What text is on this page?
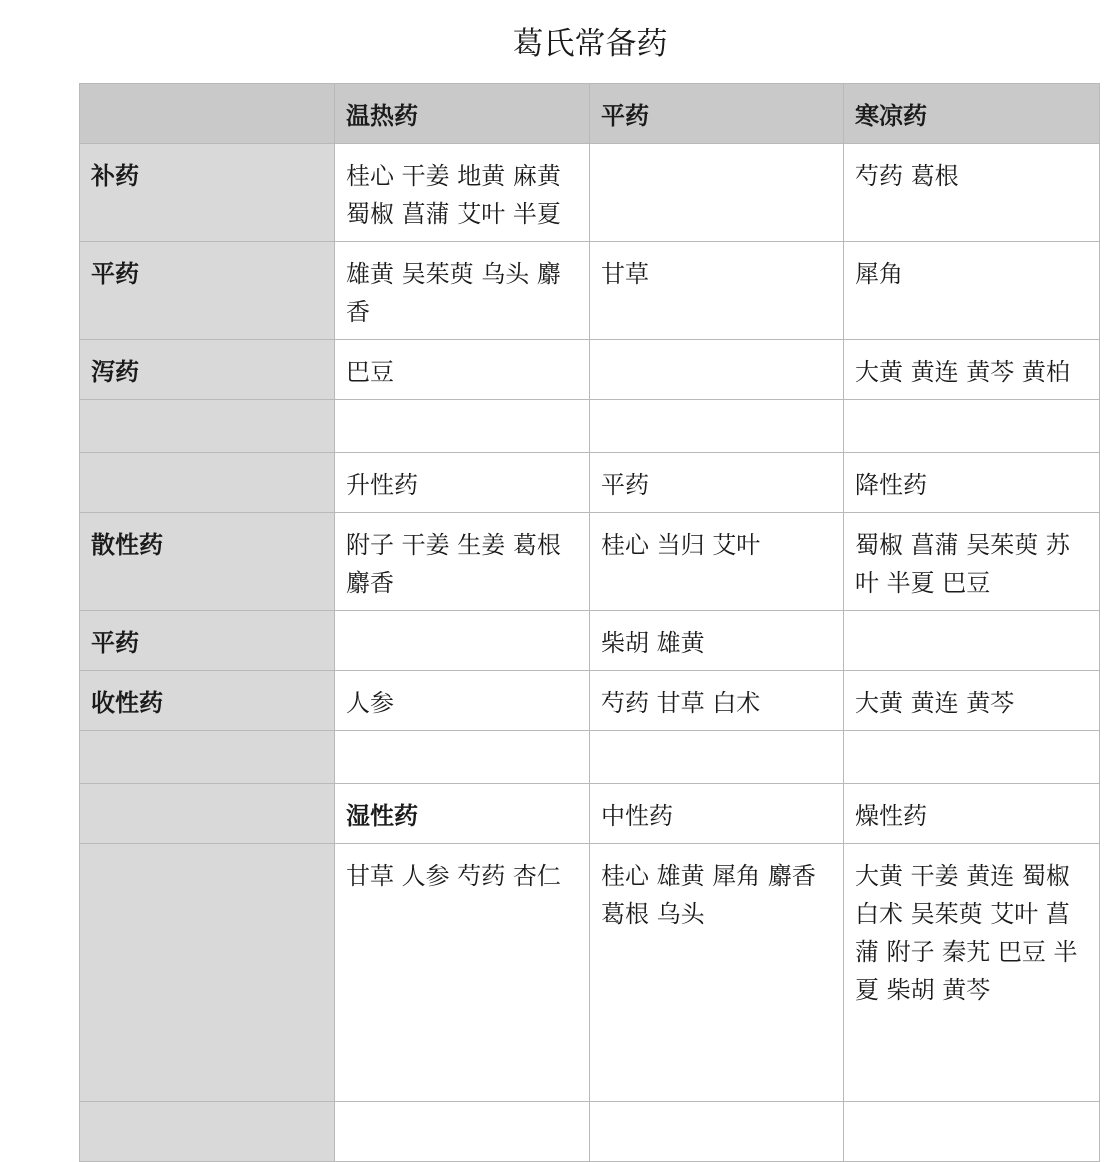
葛氏常备药
	温热药	平药	寒凉药
补药	桂心 干姜 地黄 麻黄 蜀椒 菖蒲 艾叶 半夏		芍药 葛根
平药	雄黄 吴茱萸 乌头 麝香	甘草	犀角
泻药	巴豆		大黄 黄连 黄芩 黄柏

	升性药	平药	降性药
散性药	附子 干姜 生姜 葛根 麝香	桂心 当归 艾叶	蜀椒 菖蒲 吴茱萸 苏叶 半夏 巴豆
平药		柴胡 雄黄	
收性药	人参	芍药 甘草 白术	大黄 黄连 黄芩

	湿性药	中性药	燥性药
	甘草 人参 芍药 杏仁	桂心 雄黄 犀角 麝香 葛根 乌头	大黄 干姜 黄连 蜀椒 白术 吴茱萸 艾叶 菖蒲 附子 秦艽 巴豆 半夏 柴胡 黄芩
